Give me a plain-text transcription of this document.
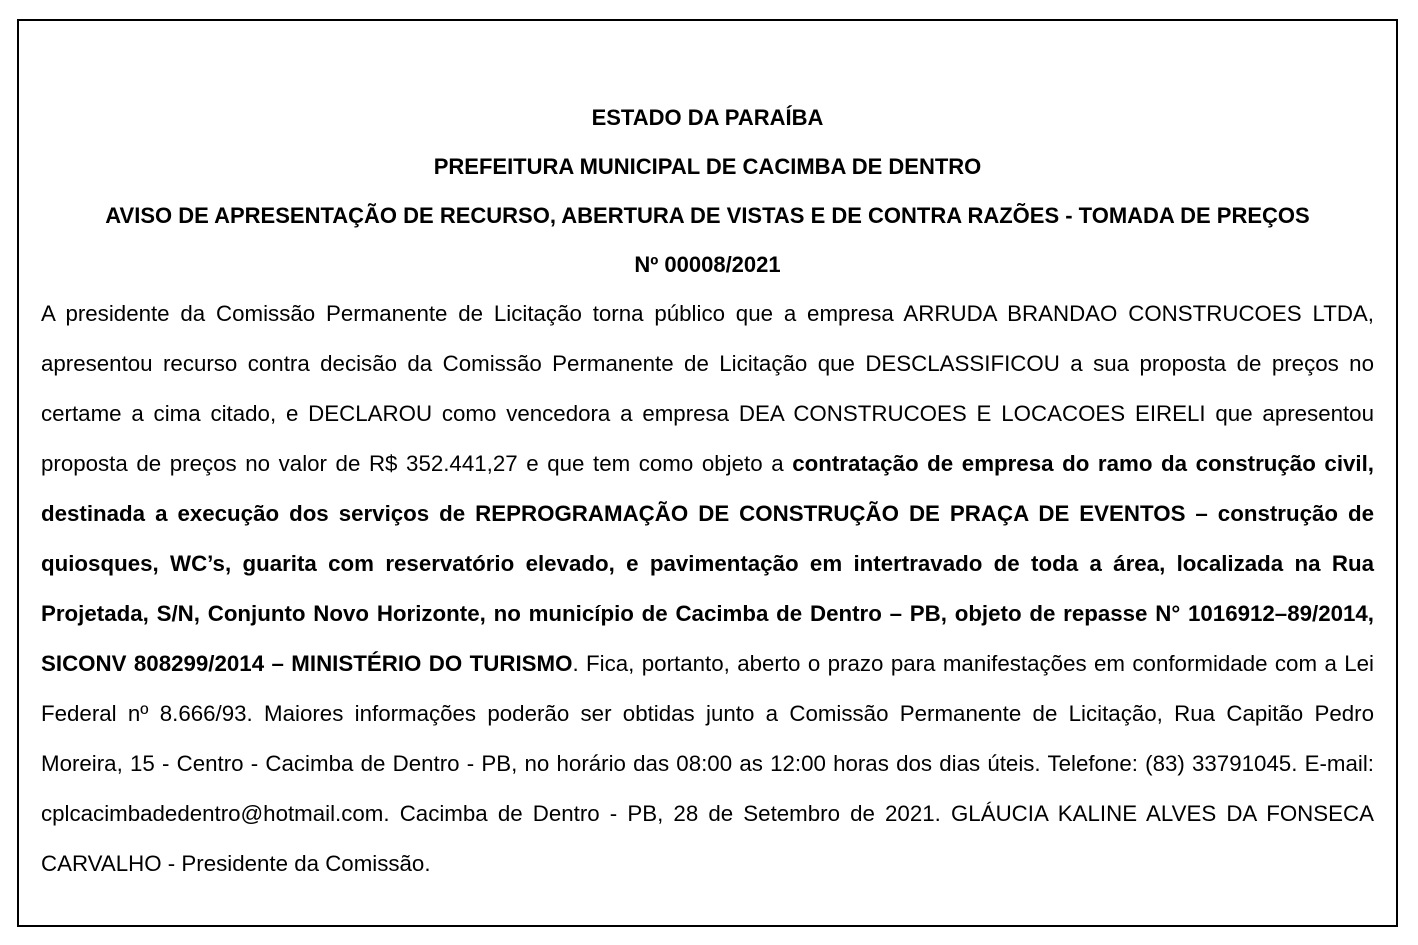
ESTADO DA PARAÍBA
PREFEITURA MUNICIPAL DE CACIMBA DE DENTRO
AVISO DE APRESENTAÇÃO DE RECURSO, ABERTURA DE VISTAS E DE CONTRA RAZÕES - TOMADA DE PREÇOS
Nº 00008/2021
A presidente da Comissão Permanente de Licitação torna público que a empresa ARRUDA BRANDAO CONSTRUCOES LTDA, apresentou recurso contra decisão da Comissão Permanente de Licitação que DESCLASSIFICOU a sua proposta de preços no certame a cima citado, e DECLAROU como vencedora a empresa DEA CONSTRUCOES E LOCACOES EIRELI que apresentou proposta de preços no valor de R$ 352.441,27 e que tem como objeto a contratação de empresa do ramo da construção civil, destinada a execução dos serviços de REPROGRAMAÇÃO DE CONSTRUÇÃO DE PRAÇA DE EVENTOS – construção de quiosques, WC’s, guarita com reservatório elevado, e pavimentação em intertravado de toda a área, localizada na Rua Projetada, S/N, Conjunto Novo Horizonte, no município de Cacimba de Dentro – PB, objeto de repasse N° 1016912–89/2014, SICONV 808299/2014 – MINISTÉRIO DO TURISMO. Fica, portanto, aberto o prazo para manifestações em conformidade com a Lei Federal nº 8.666/93. Maiores informações poderão ser obtidas junto a Comissão Permanente de Licitação, Rua Capitão Pedro Moreira, 15 - Centro - Cacimba de Dentro - PB, no horário das 08:00 as 12:00 horas dos dias úteis. Telefone: (83) 33791045. E-mail: cplcacimbadedentro@hotmail.com. Cacimba de Dentro - PB, 28 de Setembro de 2021. GLÁUCIA KALINE ALVES DA FONSECA CARVALHO - Presidente da Comissão.
